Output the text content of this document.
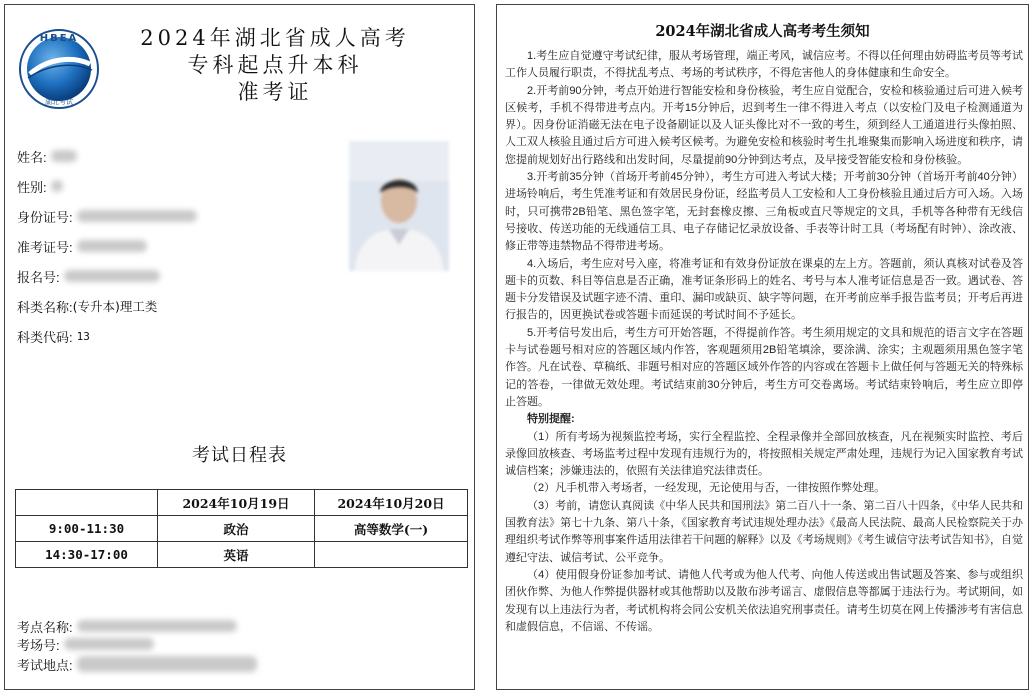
HBEA
湖北考试
2024年湖北省成人高考
专科起点升本科
准考证
姓名:
性别:
身份证号:
准考证号:
报名号:
科类名称: (专升本)理工类
科类代码: 13
考试日程表
	2024年10月19日	2024年10月20日
9:00-11:30	政治	高等数学(一)
14:30-17:00	英语	
考点名称:
考场号:
考试地点:
2024年湖北省成人高考考生须知

1.考生应自觉遵守考试纪律，服从考场管理，端正考风，诚信应考。不得以任何理由妨碍监考员等考试工作人员履行职责，不得扰乱考点、考场的考试秩序，不得危害他人的身体健康和生命安全。

2.开考前90分钟，考点开始进行智能安检和身份核验，考生应自觉配合，安检和核验通过后可进入候考区候考，手机不得带进考点内。开考15分钟后，迟到考生一律不得进入考点（以安检门及电子检测通道为界）。因身份证消磁无法在电子设备刷证以及人证头像比对不一致的考生，须到经人工通道进行头像拍照、人工双人核验且通过后方可进入候考区候考。为避免安检和核验时考生扎堆聚集而影响入场进度和秩序，请您提前规划好出行路线和出发时间，尽量提前90分钟到达考点，及早接受智能安检和身份核验。

3.开考前35分钟（首场开考前45分钟），考生方可进入考试大楼；开考前30分钟（首场开考前40分钟）进场铃响后，考生凭准考证和有效居民身份证，经监考员人工安检和人工身份核验且通过后方可入场。入场时，只可携带2B铅笔、黑色签字笔，无封套橡皮擦、三角板或直尺等规定的文具，手机等各种带有无线信号接收、传送功能的无线通信工具、电子存储记忆录放设备、手表等计时工具（考场配有时钟）、涂改液、修正带等违禁物品不得带进考场。

4.入场后，考生应对号入座，将准考证和有效身份证放在课桌的左上方。答题前，须认真核对试卷及答题卡的页数、科目等信息是否正确，准考证条形码上的姓名、考号与本人准考证信息是否一致。遇试卷、答题卡分发错误及试题字迹不清、重印、漏印或缺页、缺字等问题，在开考前应举手报告监考员；开考后再进行报告的，因更换试卷或答题卡而延误的考试时间不予延长。

5.开考信号发出后，考生方可开始答题，不得提前作答。考生须用规定的文具和规范的语言文字在答题卡与试卷题号相对应的答题区域内作答，客观题须用2B铅笔填涂，要涂满、涂实；主观题须用黑色签字笔作答。凡在试卷、草稿纸、非题号相对应的答题区域外作答的内容或在答题卡上做任何与答题无关的特殊标记的答卷，一律做无效处理。考试结束前30分钟后，考生方可交卷离场。考试结束铃响后，考生应立即停止答题。

特别提醒:

（1）所有考场为视频监控考场，实行全程监控、全程录像并全部回放核查，凡在视频实时监控、考后录像回放核查、考场监考过程中发现有违规行为的，将按照相关规定严肃处理，违规行为记入国家教育考试诚信档案；涉嫌违法的，依照有关法律追究法律责任。

（2）凡手机带入考场者，一经发现，无论使用与否，一律按照作弊处理。

（3）考前，请您认真阅读《中华人民共和国刑法》第二百八十一条、第二百八十四条，《中华人民共和国教育法》第七十九条、第八十条，《国家教育考试违规处理办法》《最高人民法院、最高人民检察院关于办理组织考试作弊等刑事案件适用法律若干问题的解释》以及《考场规则》《考生诚信守法考试告知书》，自觉遵纪守法、诚信考试、公平竞争。

（4）使用假身份证参加考试、请他人代考或为他人代考、向他人传送或出售试题及答案、参与或组织团伙作弊、为他人作弊提供器材或其他帮助以及散布涉考谣言、虚假信息等都属于违法行为。考试期间，如发现有以上违法行为者，考试机构将会同公安机关依法追究刑事责任。请考生切莫在网上传播涉考有害信息和虚假信息，不信谣、不传谣。
